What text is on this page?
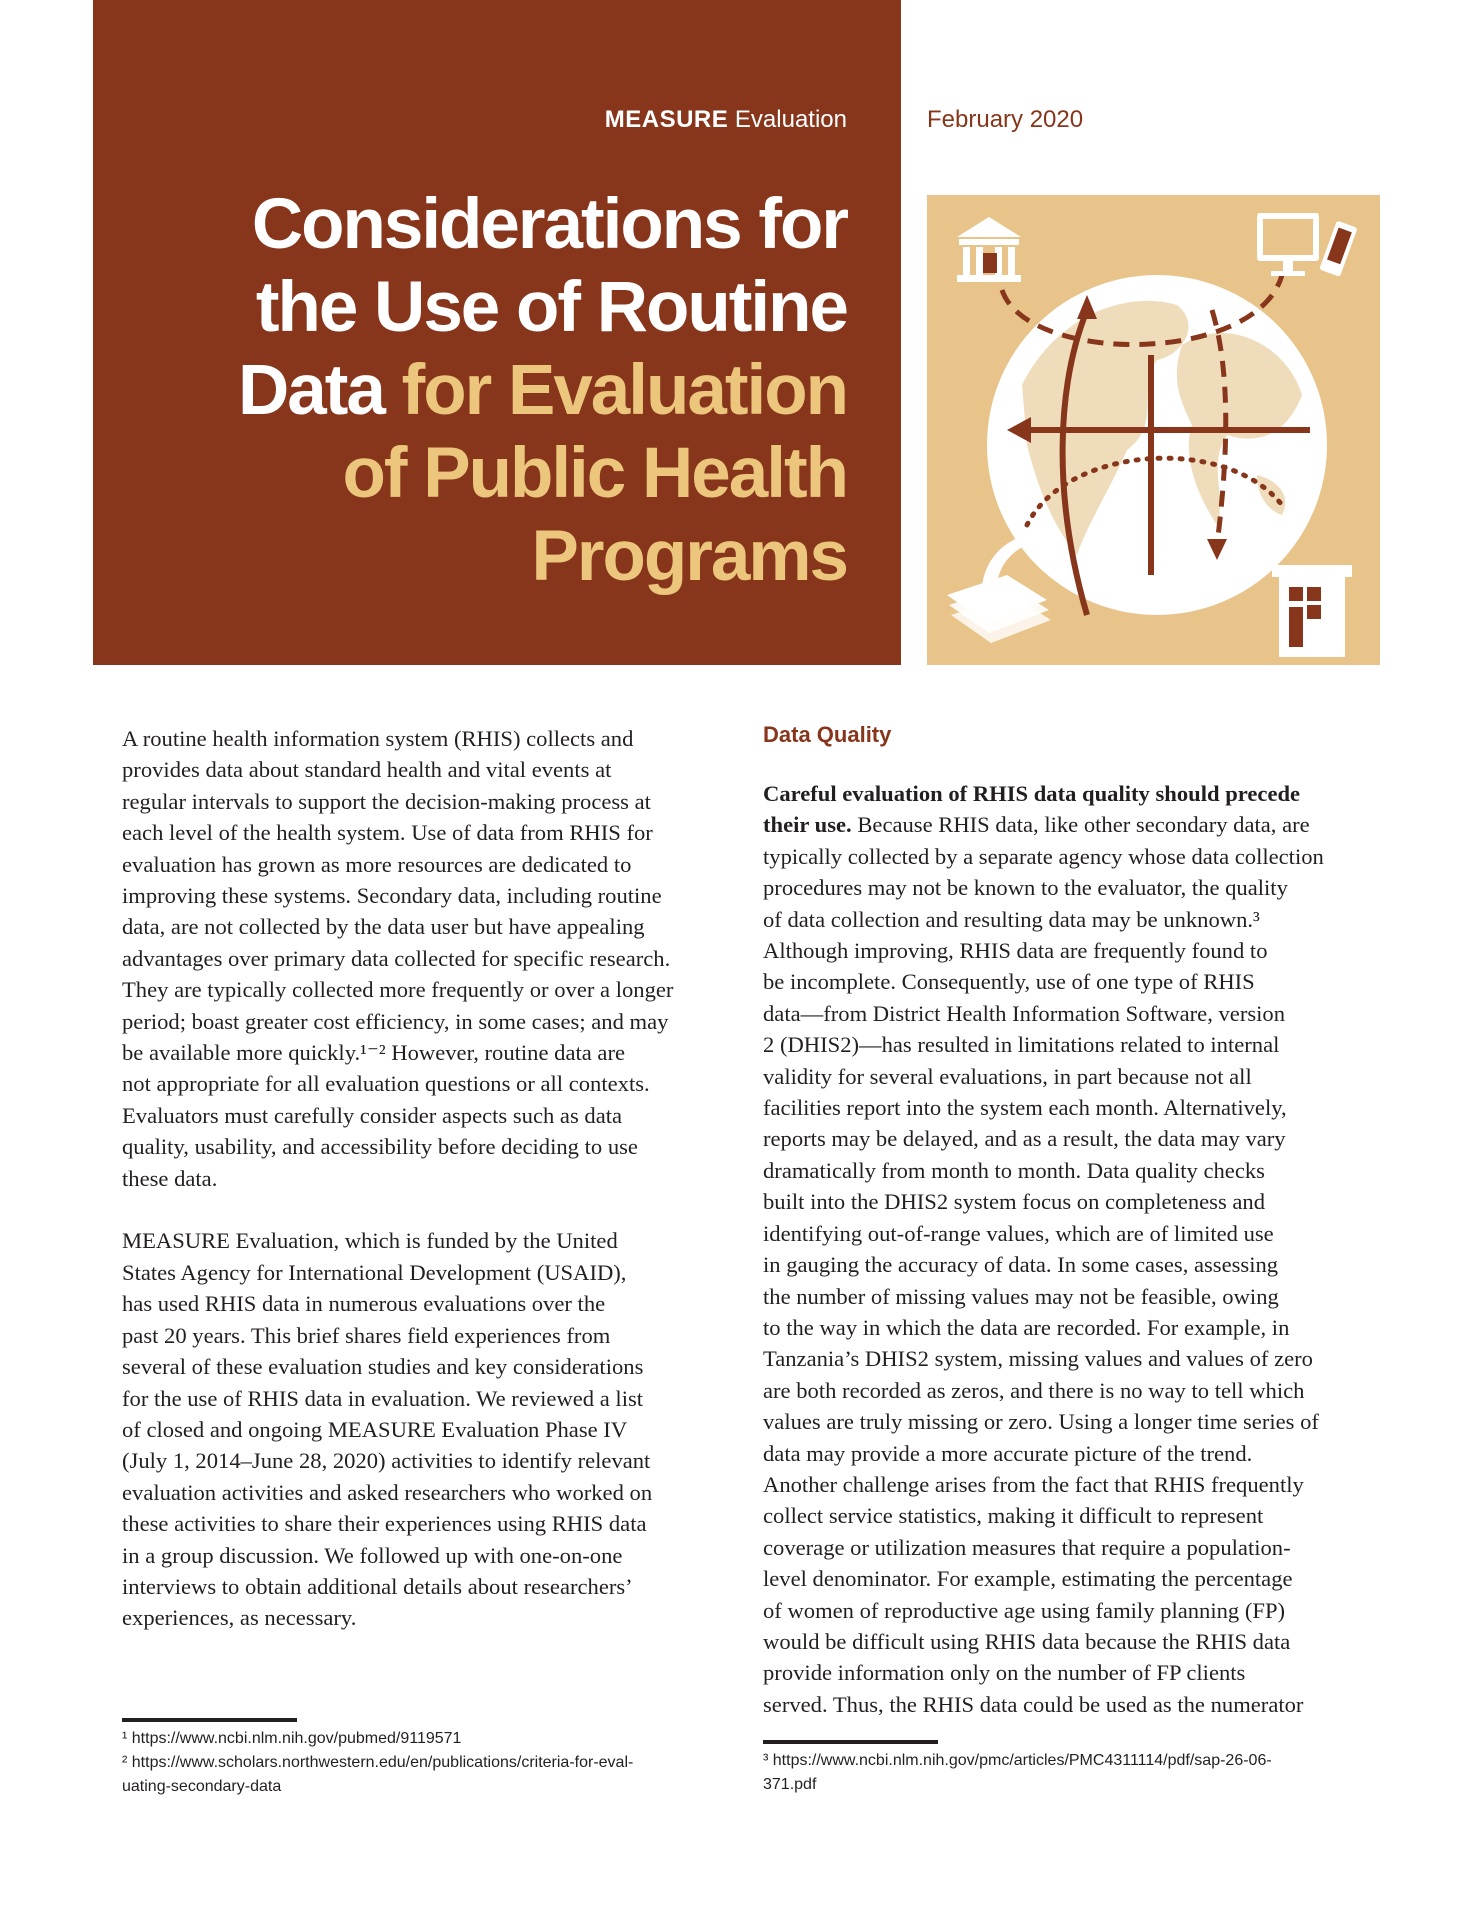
MEASURE Evaluation
Considerations for
the Use of Routine
Data for Evaluation
of Public Health
Programs
February 2020

A routine health information system (RHIS) collects and

provides data about standard health and vital events at

regular intervals to support the decision-making process at

each level of the health system. Use of data from RHIS for

evaluation has grown as more resources are dedicated to

improving these systems. Secondary data, including routine

data, are not collected by the data user but have appealing

advantages over primary data collected for specific research.

They are typically collected more frequently or over a longer

period; boast greater cost efficiency, in some cases; and may

be available more quickly.¹⁻² However, routine data are

not appropriate for all evaluation questions or all contexts.

Evaluators must carefully consider aspects such as data

quality, usability, and accessibility before deciding to use

these data.

MEASURE Evaluation, which is funded by the United

States Agency for International Development (USAID),

has used RHIS data in numerous evaluations over the

past 20 years. This brief shares field experiences from

several of these evaluation studies and key considerations

for the use of RHIS data in evaluation. We reviewed a list

of closed and ongoing MEASURE Evaluation Phase IV

(July 1, 2014–June 28, 2020) activities to identify relevant

evaluation activities and asked researchers who worked on

these activities to share their experiences using RHIS data

in a group discussion. We followed up with one-on-one

interviews to obtain additional details about researchers’

experiences, as necessary.

¹ https://www.ncbi.nlm.nih.gov/pubmed/9119571

² https://www.scholars.northwestern.edu/en/publications/criteria-for-eval-

uating-secondary-data

Data Quality

Careful evaluation of RHIS data quality should precede

their use. Because RHIS data, like other secondary data, are

typically collected by a separate agency whose data collection

procedures may not be known to the evaluator, the quality

of data collection and resulting data may be unknown.³

Although improving, RHIS data are frequently found to

be incomplete. Consequently, use of one type of RHIS

data—from District Health Information Software, version

2 (DHIS2)—has resulted in limitations related to internal

validity for several evaluations, in part because not all

facilities report into the system each month. Alternatively,

reports may be delayed, and as a result, the data may vary

dramatically from month to month. Data quality checks

built into the DHIS2 system focus on completeness and

identifying out-of-range values, which are of limited use

in gauging the accuracy of data. In some cases, assessing

the number of missing values may not be feasible, owing

to the way in which the data are recorded. For example, in

Tanzania’s DHIS2 system, missing values and values of zero

are both recorded as zeros, and there is no way to tell which

values are truly missing or zero. Using a longer time series of

data may provide a more accurate picture of the trend.

Another challenge arises from the fact that RHIS frequently

collect service statistics, making it difficult to represent

coverage or utilization measures that require a population-

level denominator. For example, estimating the percentage

of women of reproductive age using family planning (FP)

would be difficult using RHIS data because the RHIS data

provide information only on the number of FP clients

served. Thus, the RHIS data could be used as the numerator

³ https://www.ncbi.nlm.nih.gov/pmc/articles/PMC4311114/pdf/sap-26-06-

371.pdf
